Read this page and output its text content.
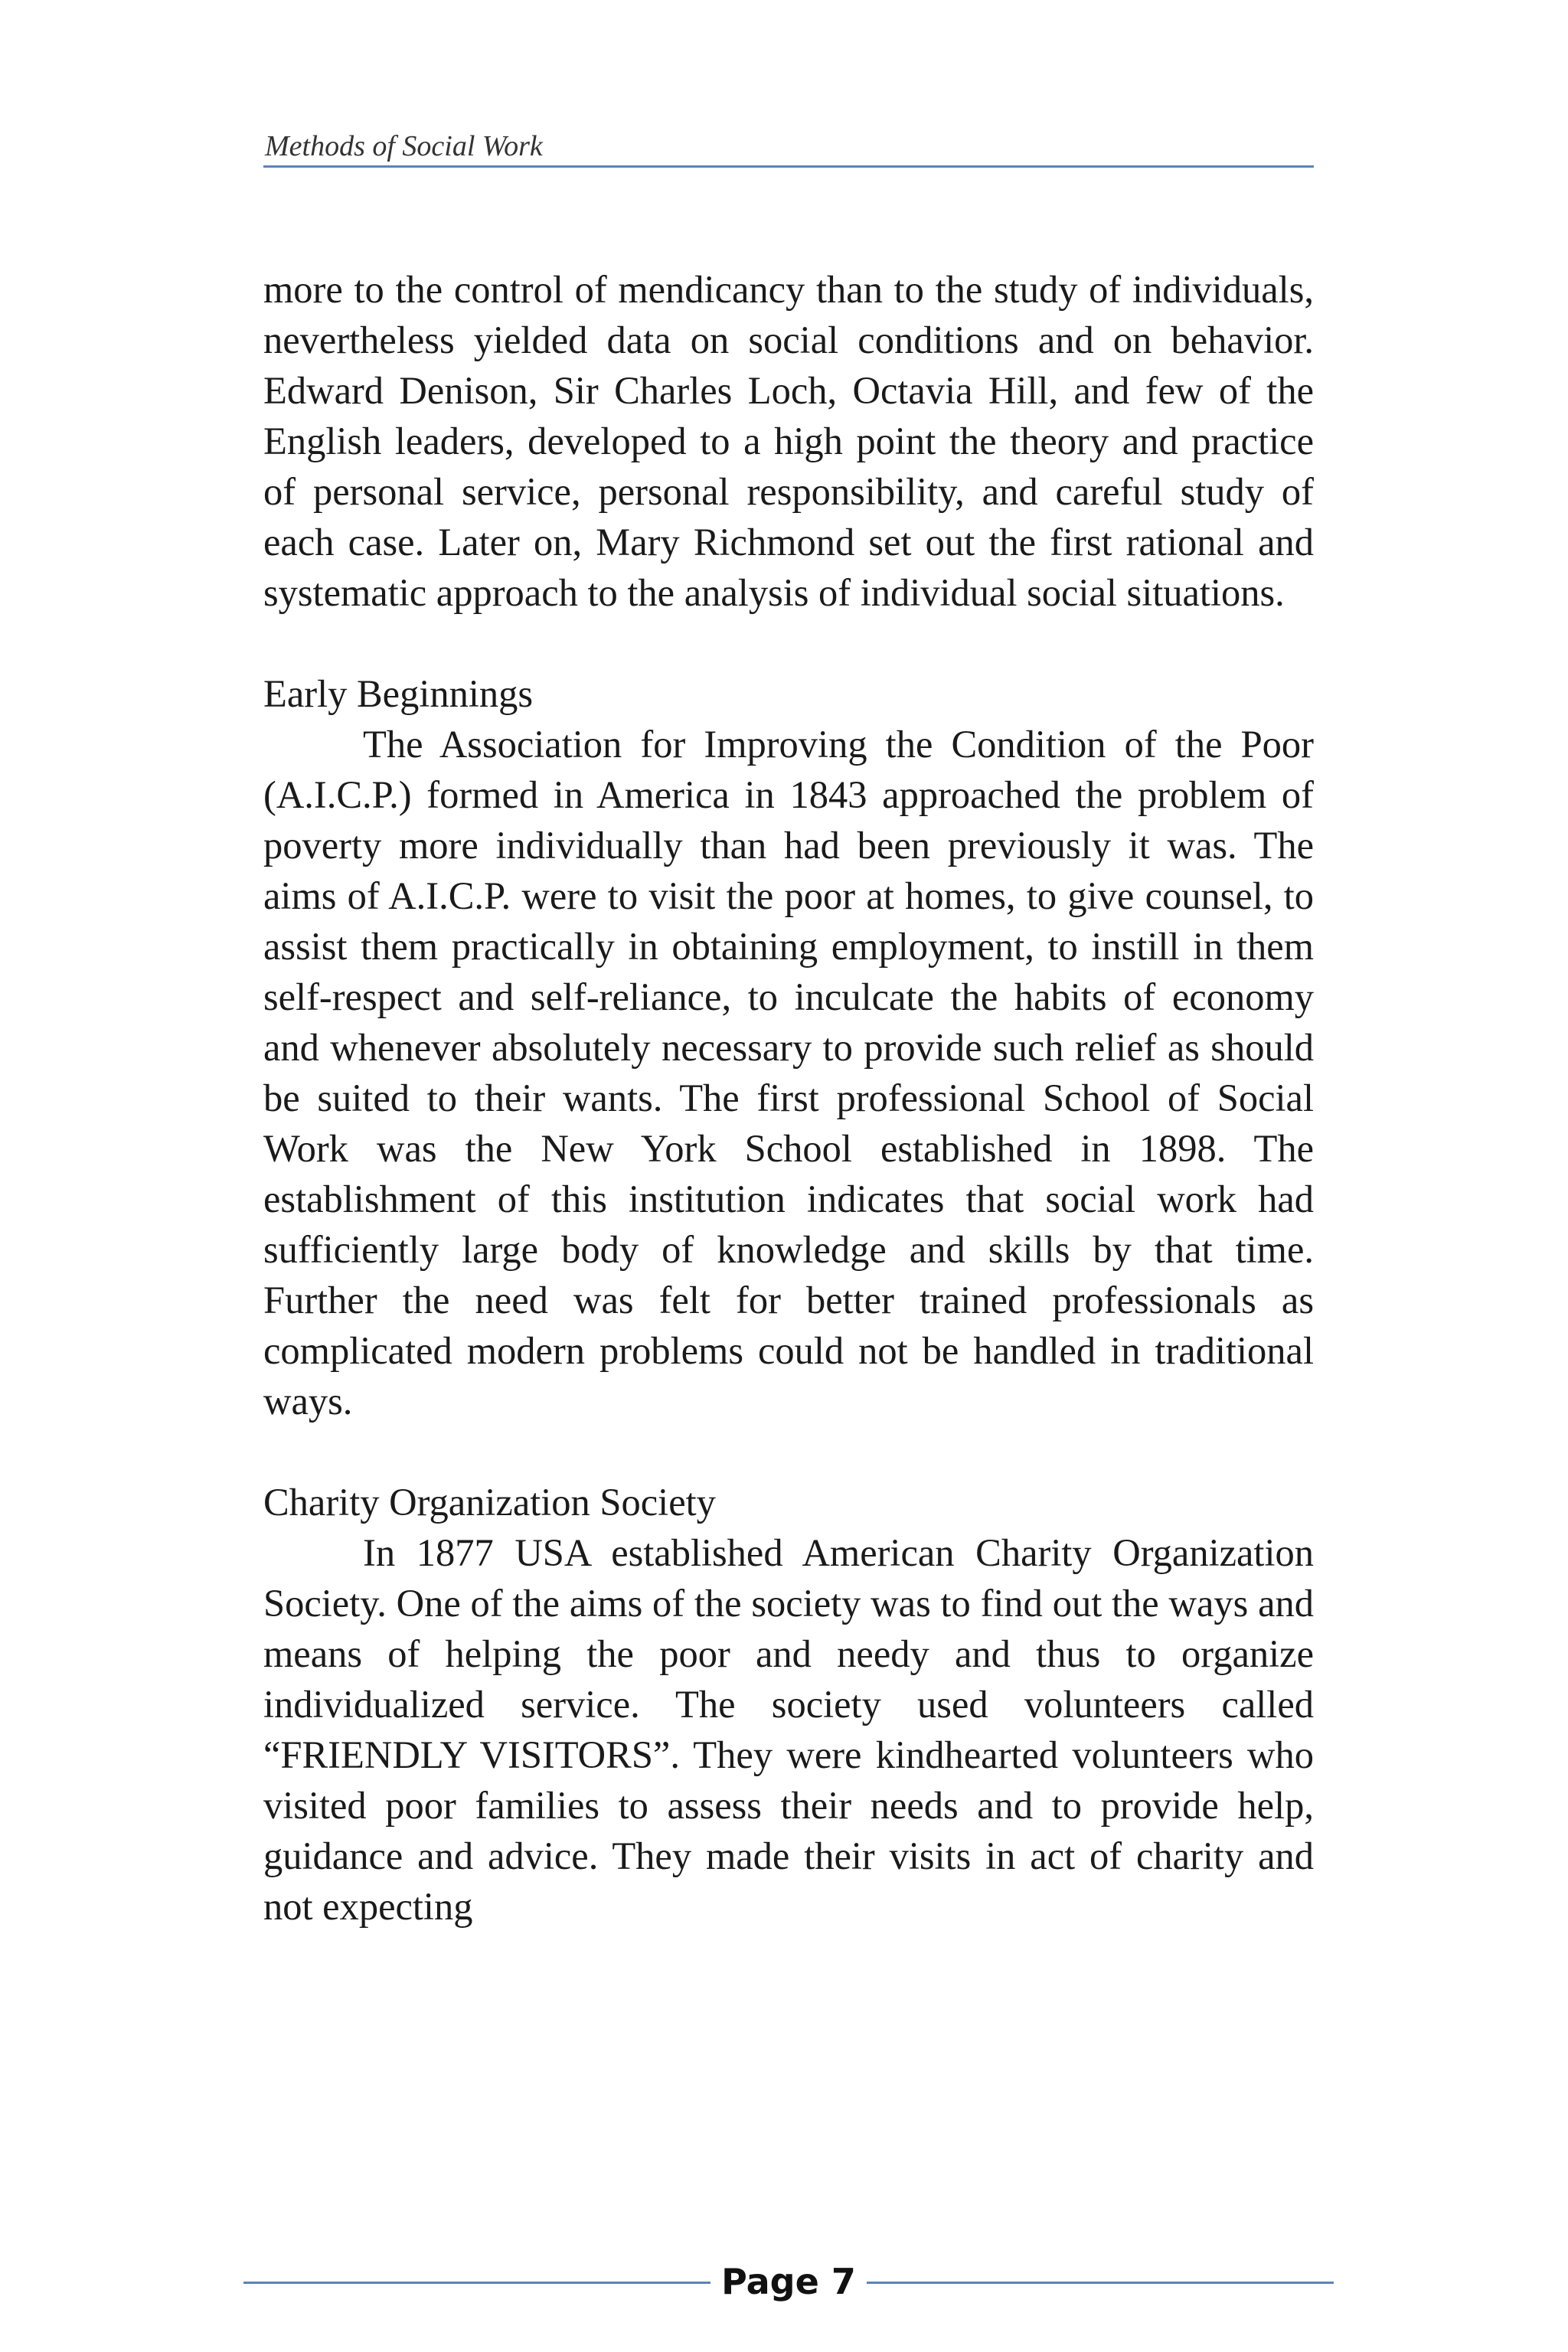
Methods of Social Work

more to the control of mendicancy than to the study of individuals, nevertheless yielded data on social conditions and on behavior. Edward Denison, Sir Charles Loch, Octavia Hill, and few of the English leaders, developed to a high point the theory and practice of personal service, personal responsibility, and careful study of each case. Later on, Mary Richmond set out the first rational and systematic approach to the analysis of individual social situations.

Early Beginnings

The Association for Improving the Condition of the Poor (A.I.C.P.) formed in America in 1843 approached the problem of poverty more individually than had been previously it was. The aims of A.I.C.P. were to visit the poor at homes, to give counsel, to assist them practically in obtaining employment, to instill in them self-respect and self-reliance, to inculcate the habits of economy and whenever absolutely necessary to provide such relief as should be suited to their wants. The first professional School of Social Work was the New York School established in 1898. The establishment of this institution indicates that social work had sufficiently large body of knowledge and skills by that time. Further the need was felt for better trained professionals as complicated modern problems could not be handled in traditional ways.

Charity Organization Society

In 1877 USA established American Charity Organization Society. One of the aims of the society was to find out the ways and means of helping the poor and needy and thus to organize individualized service. The society used volunteers called “FRIENDLY VISITORS”. They were kindhearted volunteers who visited poor families to assess their needs and to provide help, guidance and advice. They made their visits in act of charity and not expecting

Page 7
